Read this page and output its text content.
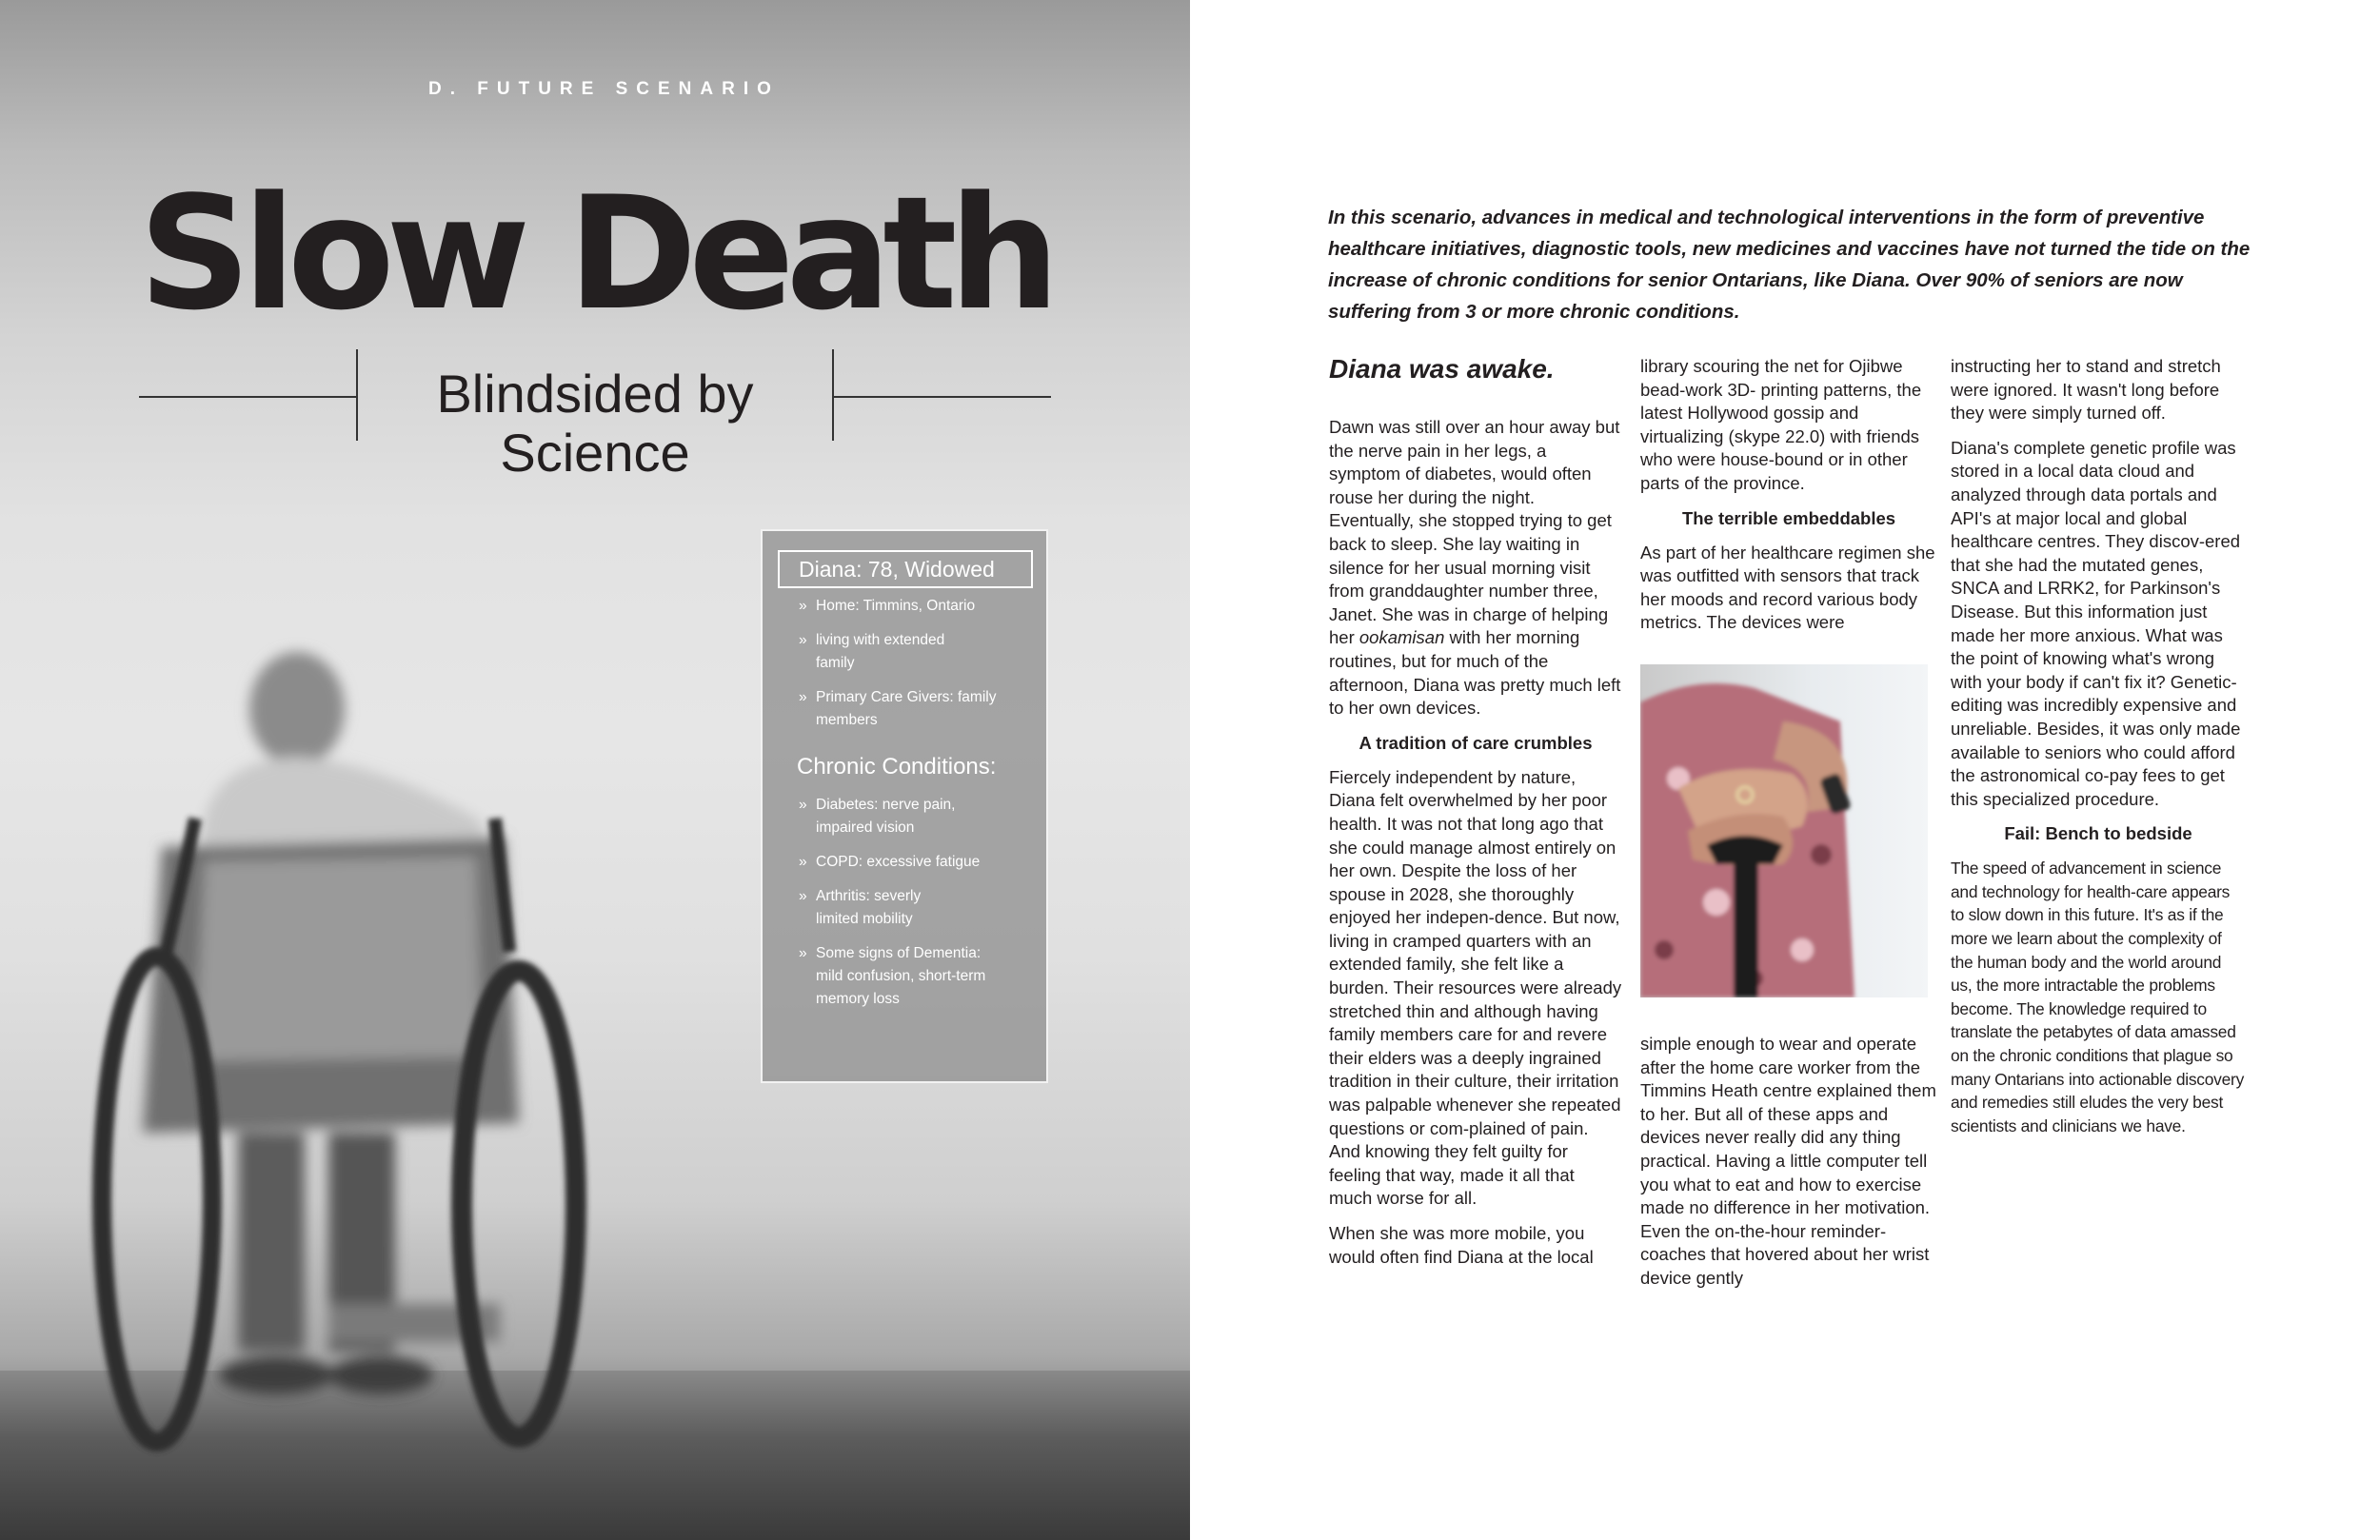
D. FUTURE SCENARIO
Slow Death
Blindsided by Science
Diana: 78, Widowed
» Home: Timmins, Ontario
» living with extended family
» Primary Care Givers: family members
Chronic Conditions:
» Diabetes: nerve pain, impaired vision
» COPD: excessive fatigue
» Arthritis: severly limited mobility
» Some signs of Dementia: mild confusion, short-term memory loss
In this scenario, advances in medical and technological interventions in the form of preventive healthcare initiatives, diagnostic tools, new medicines and vaccines have not turned the tide on the increase of chronic conditions for senior Ontarians, like Diana. Over 90% of seniors are now suffering from 3 or more chronic conditions.

Diana was awake.

Dawn was still over an hour away but the nerve pain in her legs, a symptom of diabetes, would often rouse her during the night. Eventually, she stopped trying to get back to sleep. She lay waiting in silence for her usual morning visit from granddaughter number three, Janet. She was in charge of helping her ookamisan with her morning routines, but for much of the afternoon, Diana was pretty much left to her own devices.

A tradition of care crumbles

Fiercely independent by nature, Diana felt overwhelmed by her poor health. It was not that long ago that she could manage almost entirely on her own. Despite the loss of her spouse in 2028, she thoroughly enjoyed her indepen-dence. But now, living in cramped quarters with an extended family, she felt like a burden. Their resources were already stretched thin and although having family members care for and revere their elders was a deeply ingrained tradition in their culture, their irritation was palpable whenever she repeated questions or com-plained of pain. And knowing they felt guilty for feeling that way, made it all that much worse for all.

When she was more mobile, you would often find Diana at the local

library scouring the net for Ojibwe bead-work 3D- printing patterns, the latest Hollywood gossip and virtualizing (skype 22.0) with friends who were house-bound or in other parts of the province.

The terrible embeddables

As part of her healthcare regimen she was outfitted with sensors that track her moods and record various body metrics. The devices were

simple enough to wear and operate after the home care worker from the Timmins Heath centre explained them to her. But all of these apps and devices never really did any thing practical. Having a little computer tell you what to eat and how to exercise made no difference in her motivation. Even the on-the-hour reminder-coaches that hovered about her wrist device gently

instructing her to stand and stretch were ignored. It wasn't long before they were simply turned off.

Diana's complete genetic profile was stored in a local data cloud and analyzed through data portals and API's at major local and global healthcare centres. They discov-ered that she had the mutated genes, SNCA and LRRK2, for Parkinson's Disease. But this information just made her more anxious. What was the point of knowing what's wrong with your body if can't fix it? Genetic-editing was incredibly expensive and unreliable. Besides, it was only made available to seniors who could afford the astronomical co-pay fees to get this specialized procedure.

Fail: Bench to bedside

The speed of advancement in science and technology for health-care appears to slow down in this future. It's as if the more we learn about the complexity of the human body and the world around us, the more intractable the problems become. The knowledge required to translate the petabytes of data amassed on the chronic conditions that plague so many Ontarians into actionable discovery and remedies still eludes the very best scientists and clinicians we have.
